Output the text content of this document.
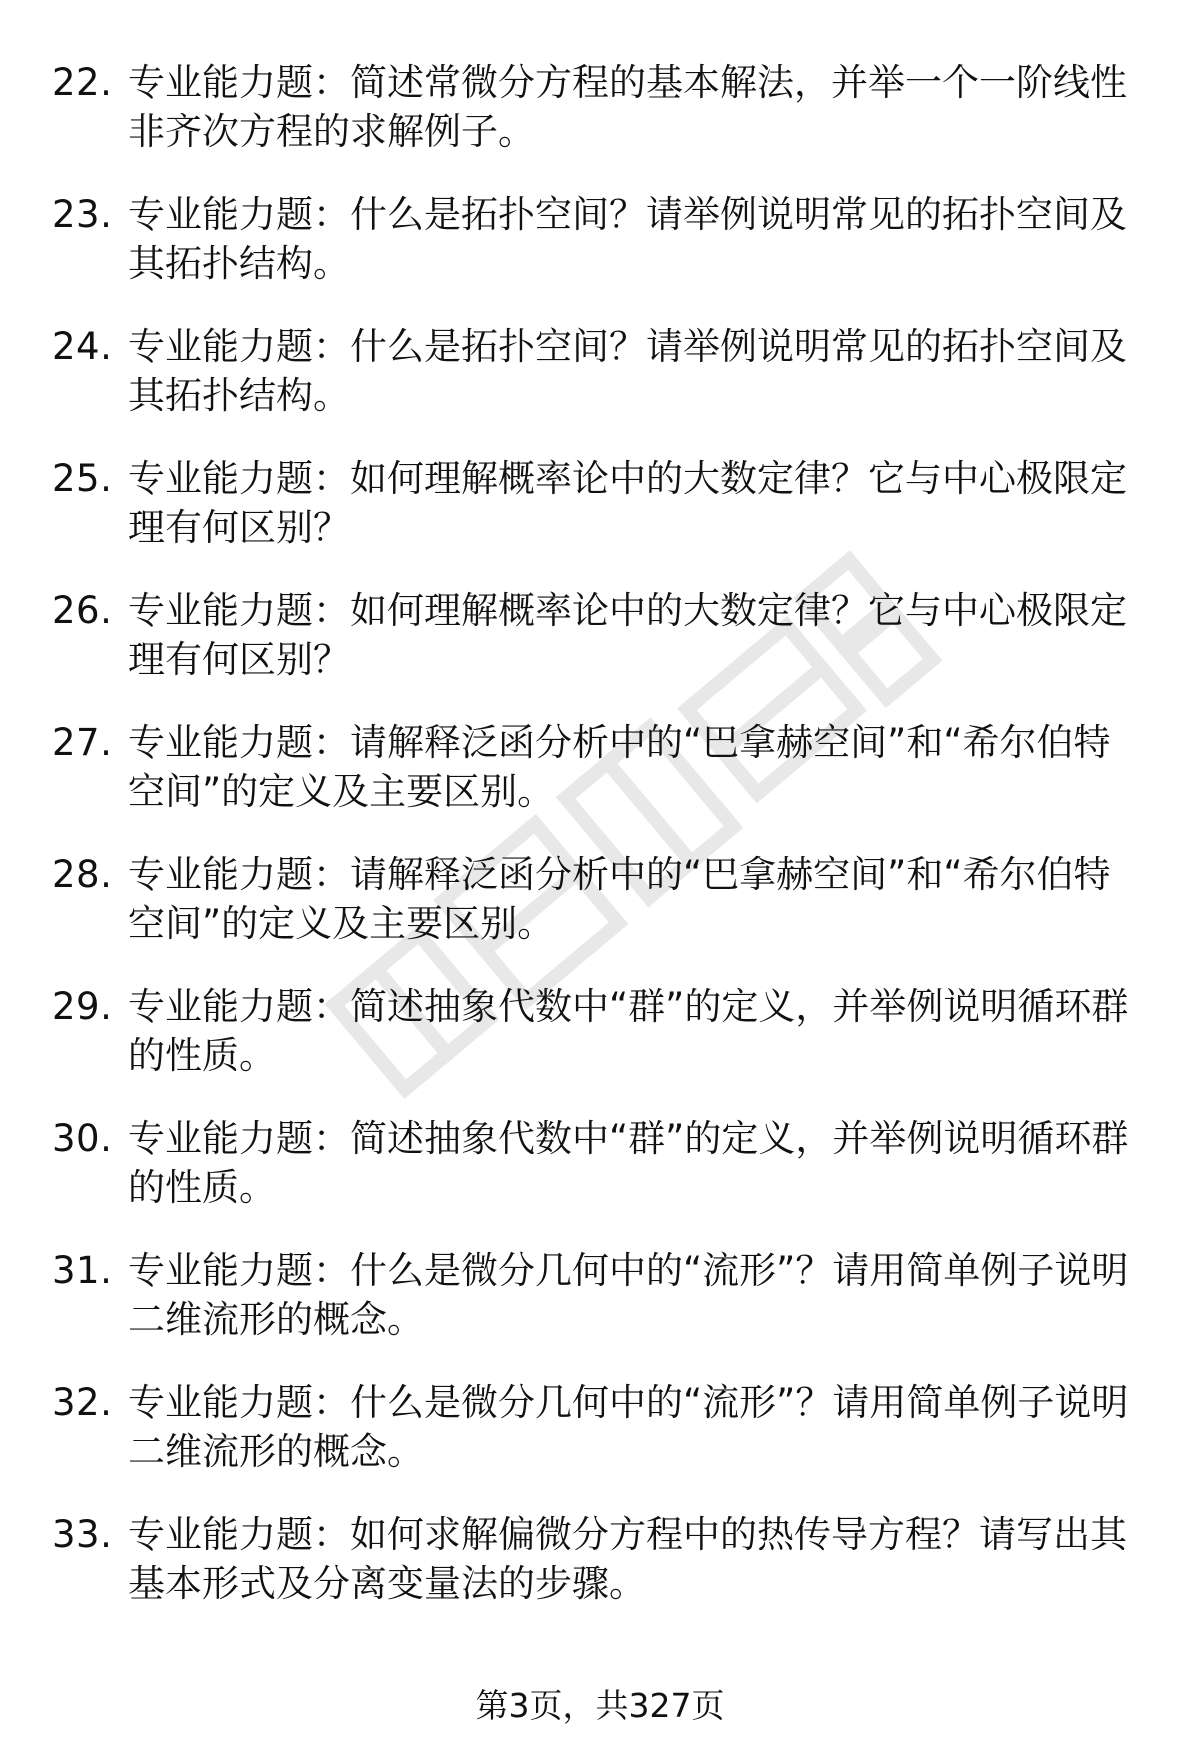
22. 专业能力题：简述常微分方程的基本解法，并举一个一阶线性非齐次方程的求解例子。
23. 专业能力题：什么是拓扑空间？请举例说明常见的拓扑空间及其拓扑结构。
24. 专业能力题：什么是拓扑空间？请举例说明常见的拓扑空间及其拓扑结构。
25. 专业能力题：如何理解概率论中的大数定律？它与中心极限定理有何区别？
26. 专业能力题：如何理解概率论中的大数定律？它与中心极限定理有何区别？
27. 专业能力题：请解释泛函分析中的“巴拿赫空间”和“希尔伯特空间”的定义及主要区别。
28. 专业能力题：请解释泛函分析中的“巴拿赫空间”和“希尔伯特空间”的定义及主要区别。
29. 专业能力题：简述抽象代数中“群”的定义，并举例说明循环群的性质。
30. 专业能力题：简述抽象代数中“群”的定义，并举例说明循环群的性质。
31. 专业能力题：什么是微分几何中的“流形”？请用简单例子说明二维流形的概念。
32. 专业能力题：什么是微分几何中的“流形”？请用简单例子说明二维流形的概念。
33. 专业能力题：如何求解偏微分方程中的热传导方程？请写出其基本形式及分离变量法的步骤。
第3页，共327页
